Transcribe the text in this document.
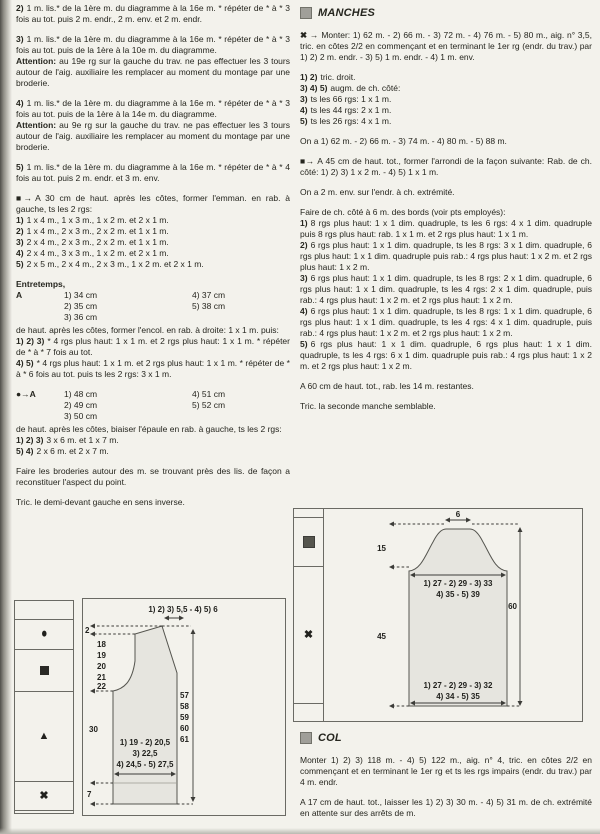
2) 1 m. lis.* de la 1ère m. du diagramme à la 16e m. * répéter de * à * 3 fois au tot. puis 2 m. endr., 2 m. env. et 2 m. endr.
3) 1 m. lis.* de la 1ère m. du diagramme à la 16e m. * répéter de * à * 3 fois au tot. puis de la 1ère à la 10e m. du diagramme.
Attention: au 19e rg sur la gauche du trav. ne pas effectuer les 3 tours autour de l'aig. auxiliaire les remplacer au moment du montage par une broderie.
4) 1 m. lis.* de la 1ère m. du diagramme à la 16e m. * répéter de * à * 3 fois au tot. puis de la 1ère à la 14e m. du diagramme.
Attention: au 9e rg sur la gauche du trav. ne pas effectuer les 3 tours autour de l'aig. auxiliaire les remplacer au moment du montage par une broderie.
5) 1 m. lis.* de la 1ère m. du diagramme à la 16e m. * répéter de * à * 4 fois au tot. puis 2 m. endr. et 3 m. env.
■→ A 30 cm de haut. après les côtes, former l'emman. en rab. à gauche, ts les 2 rgs:
1) 1 x 4 m., 1 x 3 m., 1 x 2 m. et 2 x 1 m.
2) 1 x 4 m., 2 x 3 m., 2 x 2 m. et 1 x 1 m.
3) 2 x 4 m., 2 x 3 m., 2 x 2 m. et 1 x 1 m.
4) 2 x 4 m., 3 x 3 m., 1 x 2 m. et 2 x 1 m.
5) 2 x 5 m., 2 x 4 m., 2 x 3 m., 1 x 2 m. et 2 x 1 m.
Entretemps,
A	1) 34 cm	4) 37 cm
2) 35 cm	5) 38 cm
3) 36 cm
de haut. après les côtes, former l'encol. en rab. à droite: 1 x 1 m. puis:
1) 2) 3) * 4 rgs plus haut: 1 x 1 m. et 2 rgs plus haut: 1 x 1 m. * répéter de * à * 7 fois au tot.
4) 5) * 4 rgs plus haut: 1 x 1 m. et 2 rgs plus haut: 1 x 1 m. * répéter de * à * 6 fois au tot. puis ts les 2 rgs: 3 x 1 m.
●→A	1) 48 cm	4) 51 cm
2) 49 cm	5) 52 cm
3) 50 cm
de haut. après les côtes, biaiser l'épaule en rab. à gauche, ts les 2 rgs:
1) 2) 3) 3 x 6 m. et 1 x 7 m.
5) 4) 2 x 6 m. et 2 x 7 m.
Faire les broderies autour des m. se trouvant près des lis. de façon a reconstituer l'aspect du point.
Tric. le demi-devant gauche en sens inverse.
MANCHES
✖ → Monter: 1) 62 m. - 2) 66 m. - 3) 72 m. - 4) 76 m. - 5) 80 m., aig. n° 3,5, tric. en côtes 2/2 en commençant et en terminant le 1er rg (endr. du trav.) par 1) 2) 2 m. endr. - 3) 5) 1 m. endr. - 4) 1 m. env.
1) 2) tric. droit.
3) 4) 5) augm. de ch. côté:
3) ts les 66 rgs: 1 x 1 m.
4) ts les 44 rgs: 2 x 1 m.
5) ts les 26 rgs: 4 x 1 m.
On a 1) 62 m. - 2) 66 m. - 3) 74 m. - 4) 80 m. - 5) 88 m.
■→ A 45 cm de haut. tot., former l'arrondi de la façon suivante: Rab. de ch. côté: 1) 2) 3) 1 x 2 m. - 4) 5) 1 x 1 m.
On a 2 m. env. sur l'endr. à ch. extrémité.
Faire de ch. côté à 6 m. des bords (voir pts employés):
1) 8 rgs plus haut: 1 x 1 dim. quadruple, ts les 6 rgs: 4 x 1 dim. quadruple puis 8 rgs plus haut: rab. 1 x 1 m. et 2 rgs plus haut: 1 x 1 m.
2) 6 rgs plus haut: 1 x 1 dim. quadruple, ts les 8 rgs: 3 x 1 dim. quadruple, 6 rgs plus haut: 1 x 1 dim. quadruple puis rab.: 4 rgs plus haut: 1 x 2 m. et 2 rgs plus haut: 1 x 2 m.
3) 6 rgs plus haut: 1 x 1 dim. quadruple, ts les 8 rgs: 2 x 1 dim. quadruple, 6 rgs plus haut: 1 x 1 dim. quadruple, ts les 4 rgs: 2 x 1 dim. quadruple, puis rab.: 4 rgs plus haut: 1 x 2 m. et 2 rgs plus haut: 1 x 2 m.
4) 6 rgs plus haut: 1 x 1 dim. quadruple, ts les 8 rgs: 1 x 1 dim. quadruple, 6 rgs plus haut: 1 x 1 dim. quadruple, ts les 4 rgs: 4 x 1 dim. quadruple, puis rab.: 4 rgs plus haut: 1 x 2 m. et 2 rgs plus haut: 1 x 2 m.
5) 6 rgs plus haut: 1 x 1 dim. quadruple, 6 rgs plus haut: 1 x 1 dim. quadruple, ts les 4 rgs: 6 x 1 dim. quadruple puis rab.: 4 rgs plus haut: 1 x 2 m. et 2 rgs plus haut: 1 x 2 m.
A 60 cm de haut. tot., rab. les 14 m. restantes.
Tric. la seconde manche semblable.
COL
Monter 1) 2) 3) 118 m. - 4) 5) 122 m., aig. n° 4, tric. en côtes 2/2 en commençant et en terminant le 1er rg et ts les rgs impairs (endr. du trav.) par 4 m. endr.
A 17 cm de haut. tot., laisser les 1) 2) 3) 30 m. - 4) 5) 31 m. de ch. extrémité en attente sur des arrêts de m.
●
▲
✖
1) 2) 3) 5,5 - 4) 5) 6
2
18
19
20
21
22
30
7
57
58
59
60
61
1) 19 - 2) 20,5
3) 22,5
4) 24,5 - 5) 27,5
✖
6
15
1) 27 - 2) 29 - 3) 33
4) 35 - 5) 39
45
60
1) 27 - 2) 29 - 3) 32
4) 34 - 5) 35
